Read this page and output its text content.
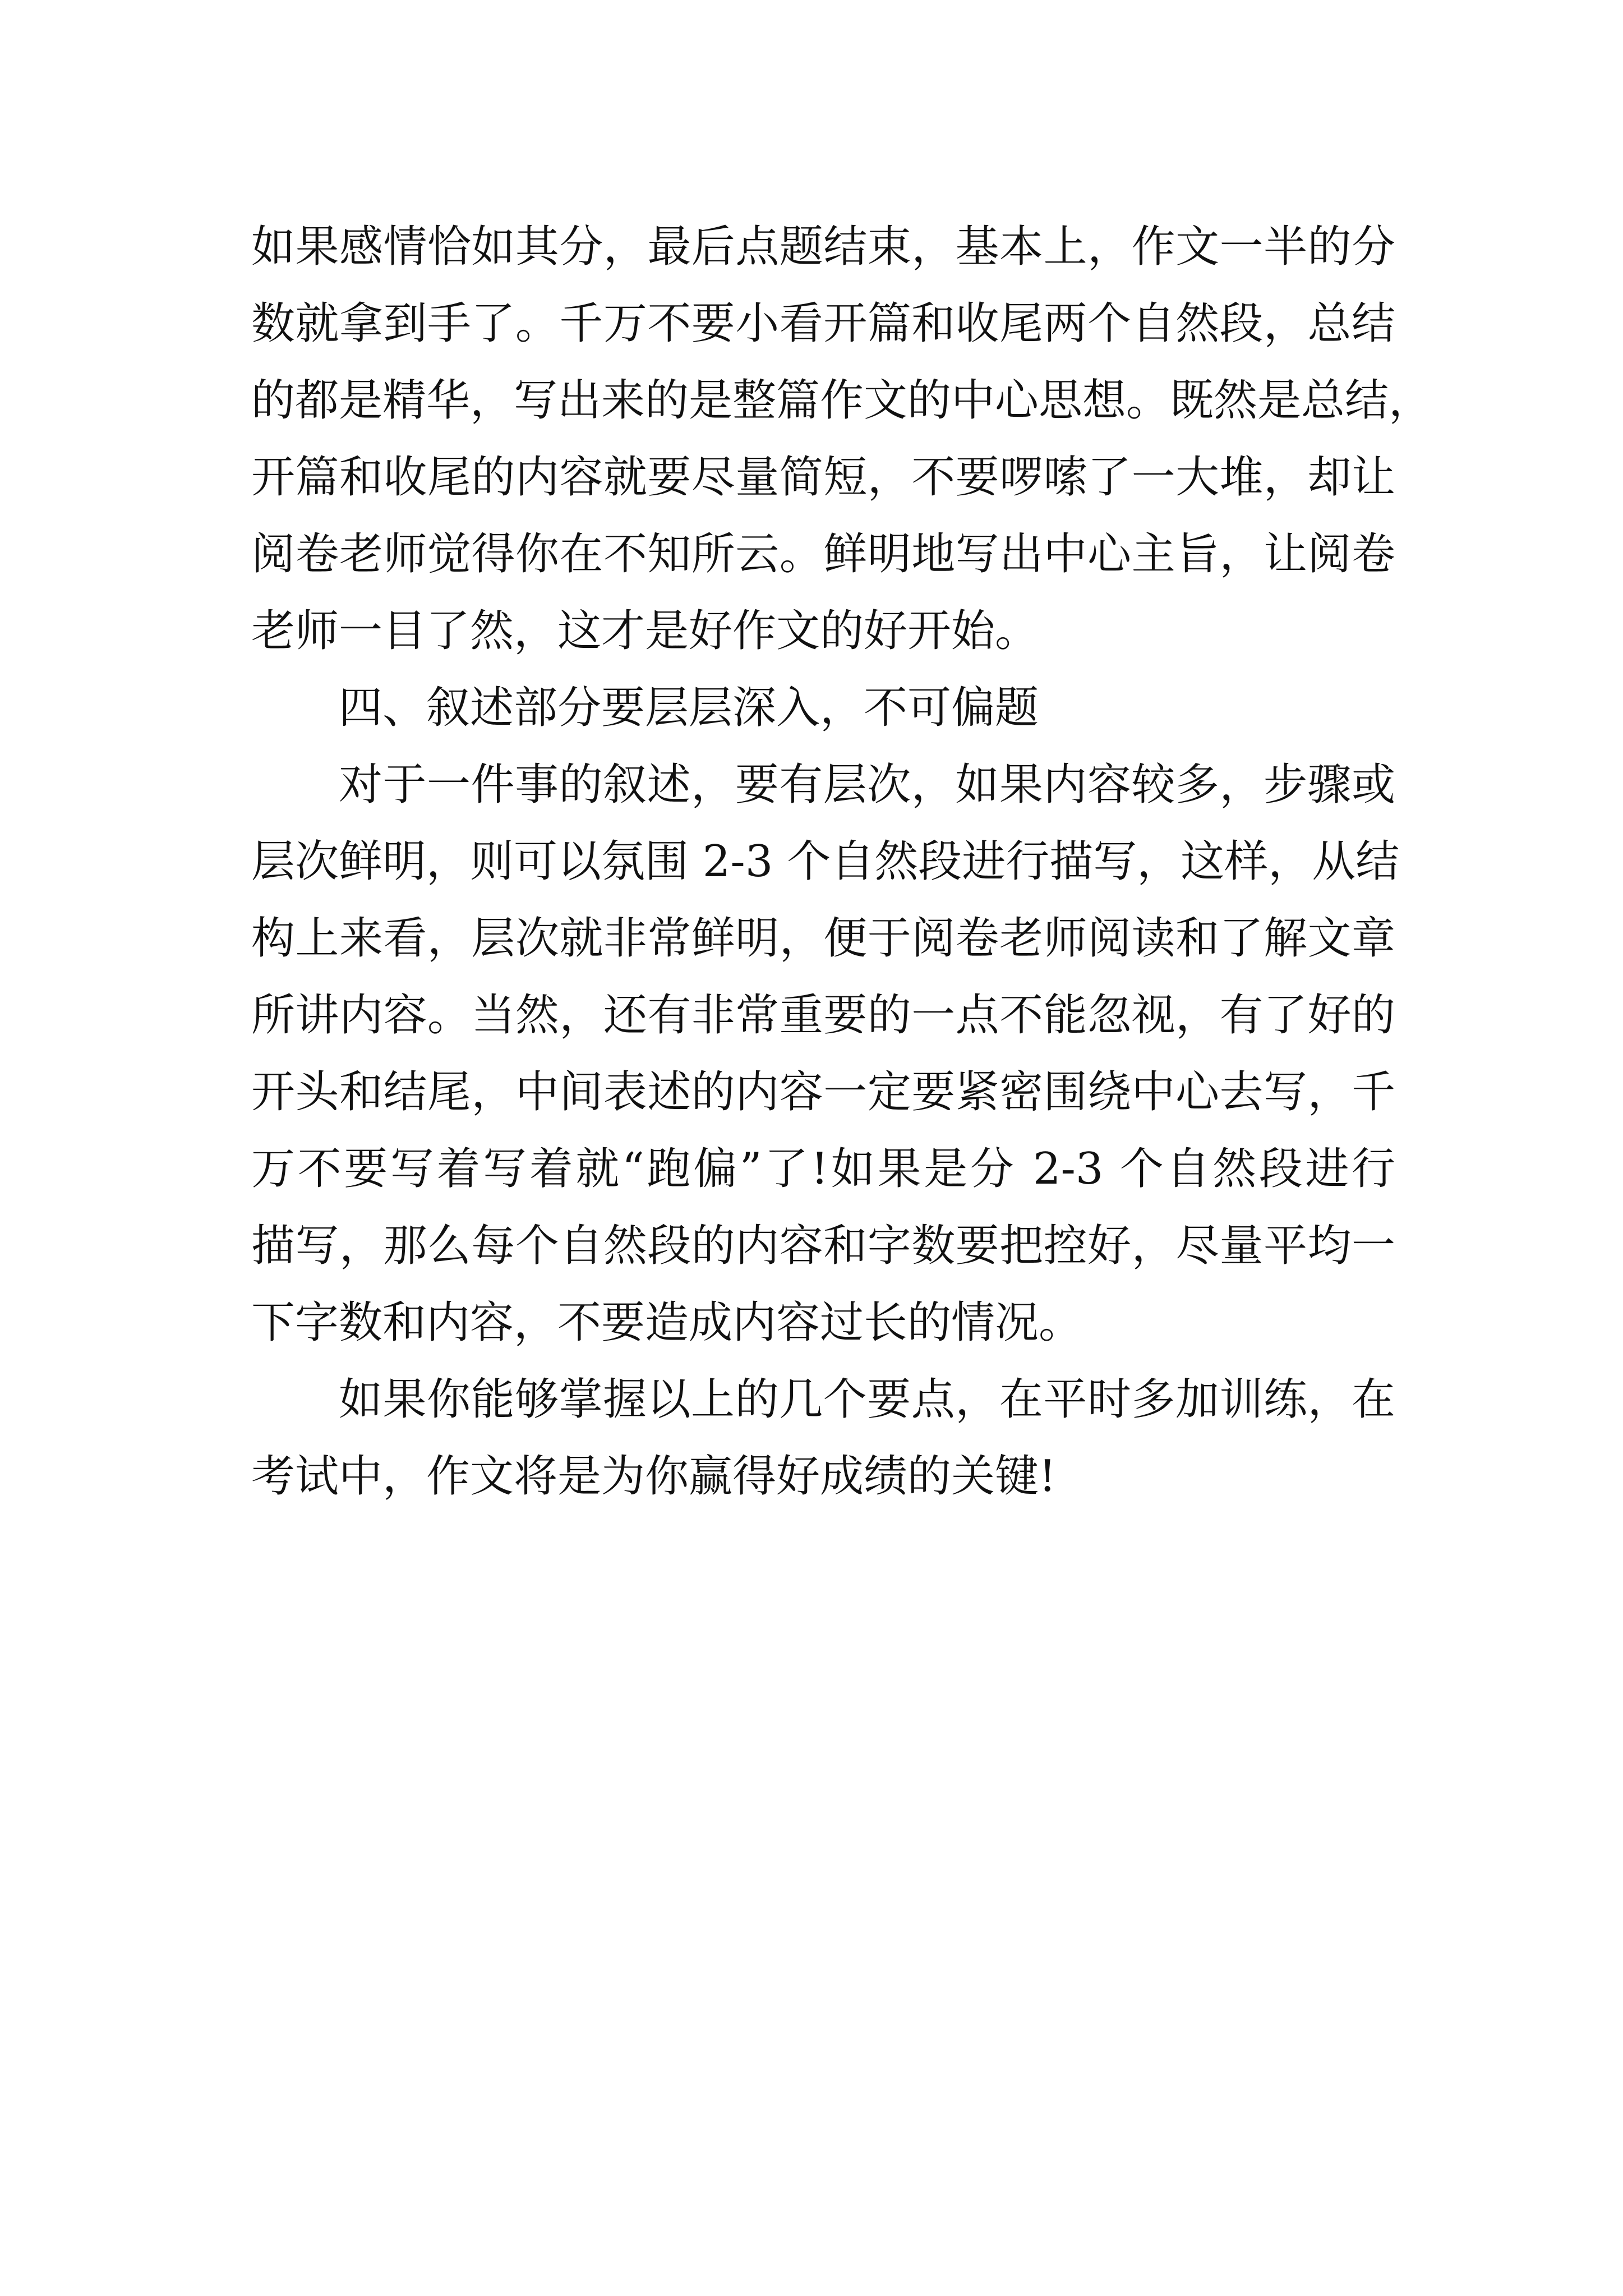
如果感情恰如其分，最后点题结束，基本上，作文一半的分
数就拿到手了。千万不要小看开篇和收尾两个自然段，总结
的都是精华，写出来的是整篇作文的中心思想。既然是总结，
开篇和收尾的内容就要尽量简短，不要啰嗦了一大堆，却让
阅卷老师觉得你在不知所云。鲜明地写出中心主旨，让阅卷
老师一目了然，这才是好作文的好开始。
四、叙述部分要层层深入，不可偏题
对于一件事的叙述，要有层次，如果内容较多，步骤或
层次鲜明，则可以氛围 2-3 个自然段进行描写，这样，从结
构上来看，层次就非常鲜明，便于阅卷老师阅读和了解文章
所讲内容。当然，还有非常重要的一点不能忽视，有了好的
开头和结尾，中间表述的内容一定要紧密围绕中心去写，千
万不要写着写着就“跑偏”了!如果是分 2-3 个自然段进行
描写，那么每个自然段的内容和字数要把控好，尽量平均一
下字数和内容，不要造成内容过长的情况。
如果你能够掌握以上的几个要点，在平时多加训练，在
考试中，作文将是为你赢得好成绩的关键!
